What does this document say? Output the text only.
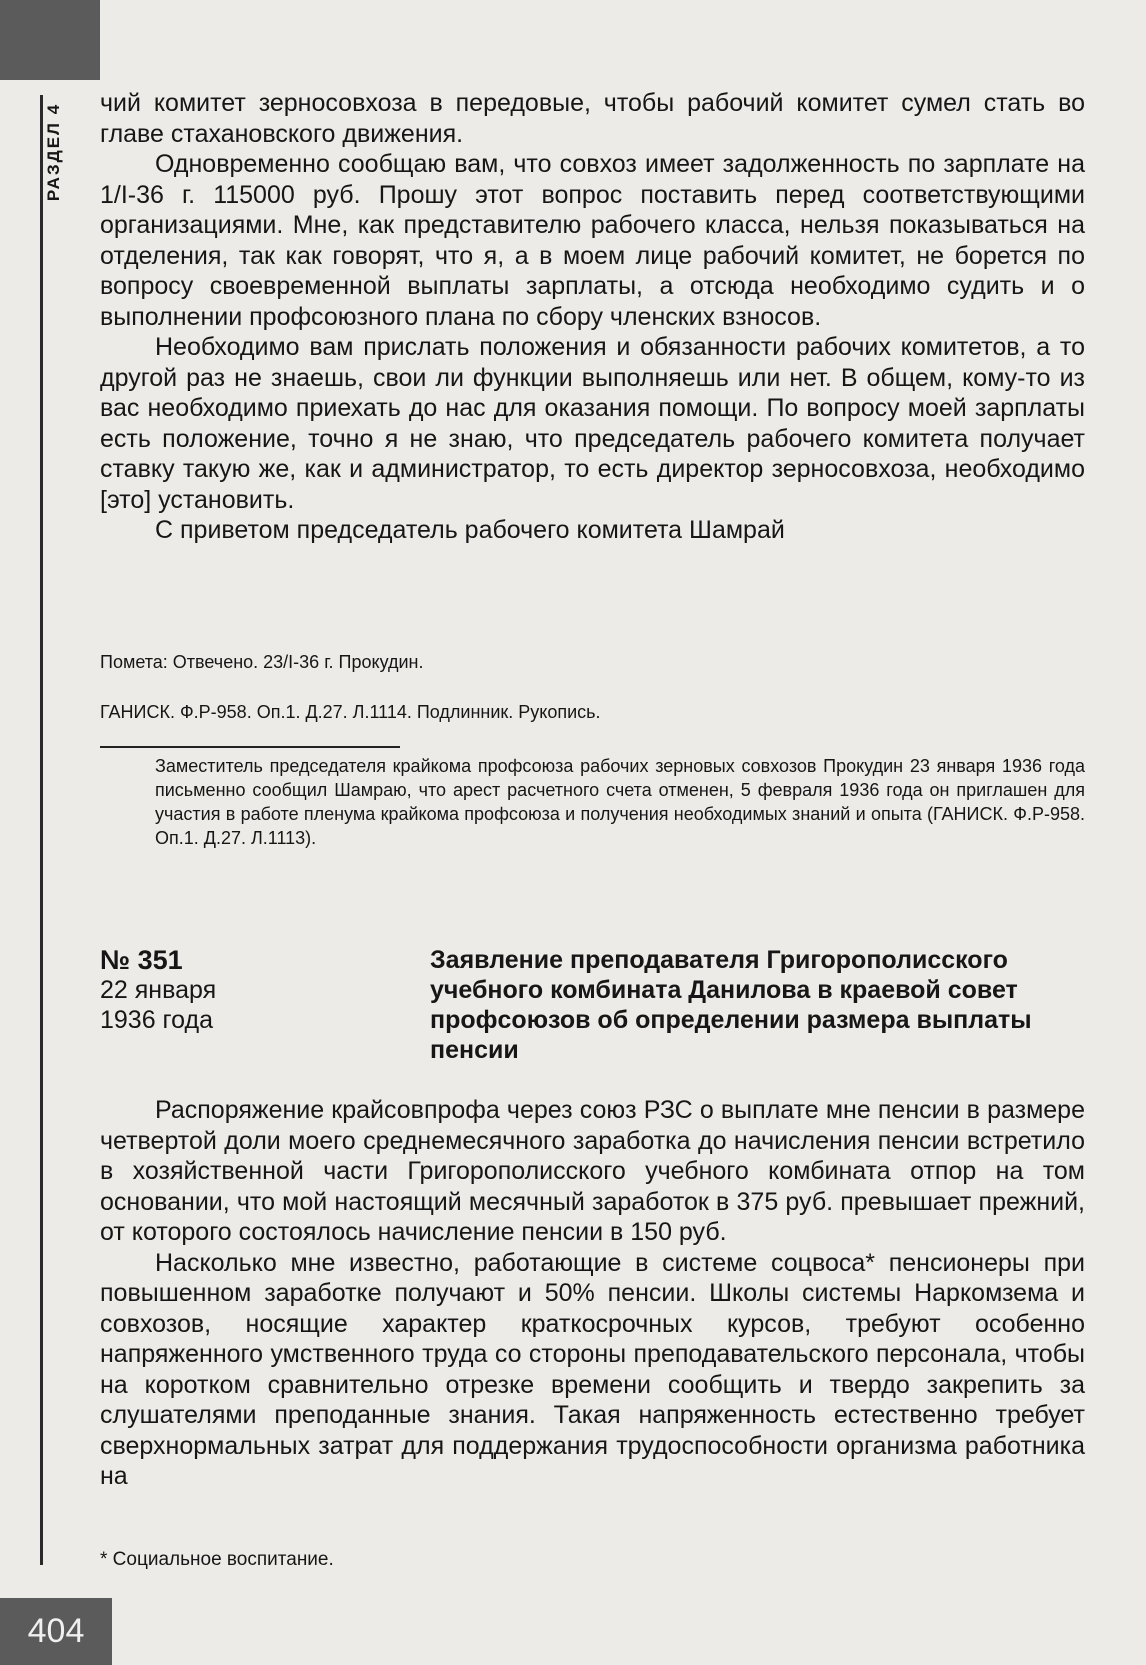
РАЗДЕЛ 4 чий комитет зерносовхоза в передовые, чтобы рабочий комитет сумел стать во главе стахановского движения.

Одновременно сообщаю вам, что совхоз имеет задолженность по зарплате на 1/I-36 г. 115000 руб. Прошу этот вопрос поставить перед соответствующими организациями. Мне, как представителю рабочего класса, нельзя показываться на отделения, так как говорят, что я, а в моем лице рабочий комитет, не борется по вопросу своевременной выплаты зарплаты, а отсюда необходимо судить и о выполнении профсоюзного плана по сбору членских взносов.

Необходимо вам прислать положения и обязанности рабочих комитетов, а то другой раз не знаешь, свои ли функции выполняешь или нет. В общем, кому-то из вас необходимо приехать до нас для оказания помощи. По вопросу моей зарплаты есть положение, точно я не знаю, что председатель рабочего комитета получает ставку такую же, как и администратор, то есть директор зерносовхоза, необходимо [это] установить.

С приветом председатель рабочего комитета Шамрай

Помета: Отвечено. 23/I-36 г. Прокудин.

ГАНИСК. Ф.Р-958. Оп.1. Д.27. Л.1114. Подлинник. Рукопись.

Заместитель председателя крайкома профсоюза рабочих зерновых совхозов Прокудин 23 января 1936 года письменно сообщил Шамраю, что арест расчетного счета отменен, 5 февраля 1936 года он приглашен для участия в работе пленума крайкома профсоюза и получения необходимых знаний и опыта (ГАНИСК. Ф.Р-958. Оп.1. Д.27. Л.1113).

№ 351
22 января
1936 года
Заявление преподавателя Григорополисского учебного комбината Данилова в краевой совет профсоюзов об определении размера выплаты пенсии

Распоряжение крайсовпрофа через союз РЗС о выплате мне пенсии в размере четвертой доли моего среднемесячного заработка до начисления пенсии встретило в хозяйственной части Григорополисского учебного комбината отпор на том основании, что мой настоящий месячный заработок в 375 руб. превышает прежний, от которого состоялось начисление пенсии в 150 руб.

Насколько мне известно, работающие в системе соцвоса* пенсионеры при повышенном заработке получают и 50% пенсии. Школы системы Наркомзема и совхозов, носящие характер краткосрочных курсов, требуют особенно напряженного умственного труда со стороны преподавательского персонала, чтобы на коротком сравнительно отрезке времени сообщить и твердо закрепить за слушателями преподанные знания. Такая напряженность естественно требует сверхнормальных затрат для поддержания трудоспособности организма работника на

* Социальное воспитание.
404
